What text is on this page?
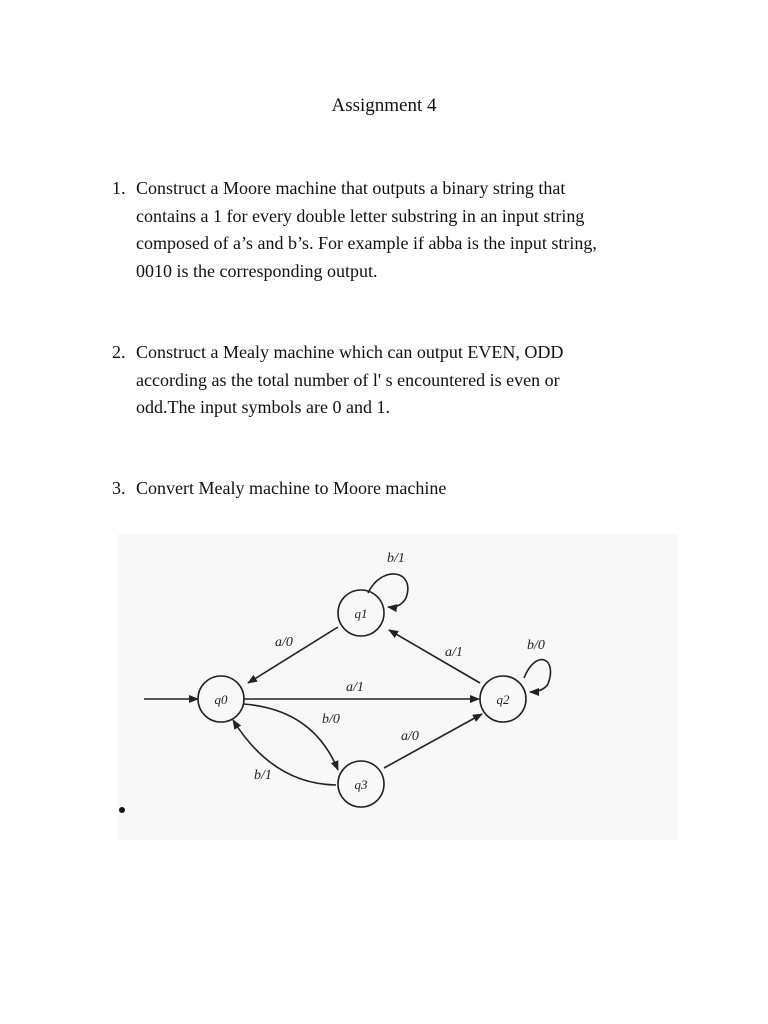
Assignment 4
1. Construct a Moore machine that outputs a binary string that
contains a 1 for every double letter substring in an input string
composed of a’s and b’s. For example if abba is the input string,
0010 is the corresponding output.
2. Construct a Mealy machine which can output EVEN, ODD
according as the total number of l' s encountered is even or
odd.The input symbols are 0 and 1.
3. Convert Mealy machine to Moore machine
q0
q1
q2
q3
b/1
a/0
a/1	b/0
a/1
b/0
a/0
b/1
